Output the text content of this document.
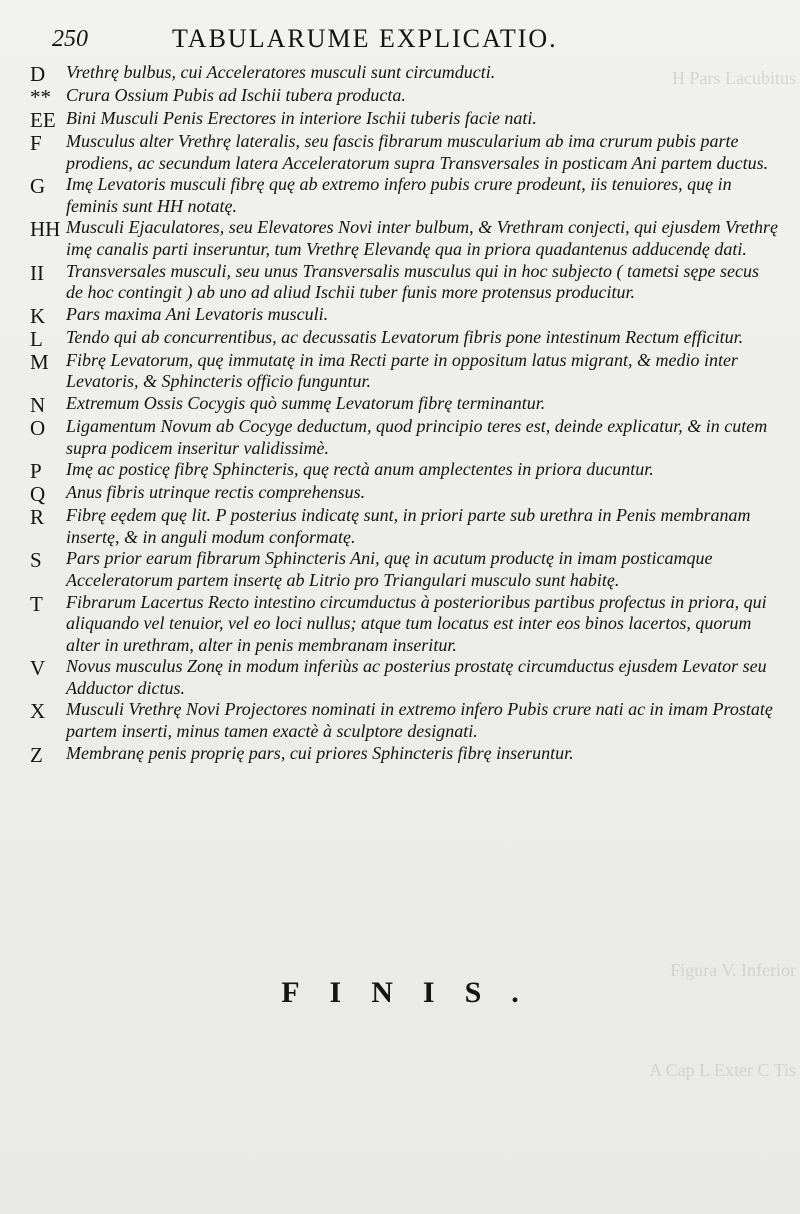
H Pars Lacubitus
Figura V. Inferior
A Cap L Exter C Tis
250	TABULARUME EXPLICATIO.
D	Vrethrę bulbus, cui Acceleratores musculi sunt circumducti.
** Crura Ossium Pubis ad Ischii tubera producta.
EE Bini Musculi Penis Erectores in interiore Ischii tuberis facie nati.
F	Musculus alter Vrethrę lateralis, seu fascis fibrarum muscularium ab ima crurum pubis parte prodiens, ac secundum latera Acceleratorum supra Transversales in posticam Ani partem ductus.
G	Imę Levatoris musculi fibrę quę ab extremo infero pubis crure prodeunt, iis tenuiores, quę in feminis sunt HH notatę.
HH Musculi Ejaculatores, seu Elevatores Novi inter bulbum, & Vrethram conjecti, qui ejusdem Vrethrę imę canalis parti inseruntur, tum Vrethrę Elevandę qua in priora quadantenus adducendę dati.
II	Transversales musculi, seu unus Transversalis musculus qui in hoc subjecto ( tametsi sępe secus de hoc contingit ) ab uno ad aliud Ischii tuber funis more protensus producitur.
K	Pars maxima Ani Levatoris musculi.
L	Tendo qui ab concurrentibus, ac decussatis Levatorum fibris pone intestinum Rectum efficitur.
M Fibrę Levatorum, quę immutatę in ima Recti parte in oppositum latus migrant, & medio inter Levatoris, & Sphincteris officio funguntur.
N	Extremum Ossis Cocygis quò summę Levatorum fibrę terminantur.
O	Ligamentum Novum ab Cocyge deductum, quod principio teres est, deinde explicatur, & in cutem supra podicem inseritur validissimè.
P	Imę ac posticę fibrę Sphincteris, quę rectà anum amplectentes in priora ducuntur.
Q	Anus fibris utrinque rectis comprehensus.
R	Fibrę eędem quę lit. P posterius indicatę sunt, in priori parte sub urethra in Penis membranam insertę, & in anguli modum conformatę.
S	Pars prior earum fibrarum Sphincteris Ani, quę in acutum productę in imam posticamque Acceleratorum partem insertę ab Litrio pro Triangulari musculo sunt habitę.
T	Fibrarum Lacertus Recto intestino circumductus à posterioribus partibus profectus in priora, qui aliquando vel tenuior, vel eo loci nullus; atque tum locatus est inter eos binos lacertos, quorum alter in urethram, alter in penis membranam inseritur.
V	Novus musculus Zonę in modum inferiùs ac posterius prostatę circumductus ejusdem Levator seu Adductor dictus.
X	Musculi Vrethrę Novi Projectores nominati in extremo infero Pubis crure nati ac in imam Prostatę partem inserti, minus tamen exactè à sculptore designati.
Z	Membranę penis proprię pars, cui priores Sphincteris fibrę inseruntur.
FINIS.
